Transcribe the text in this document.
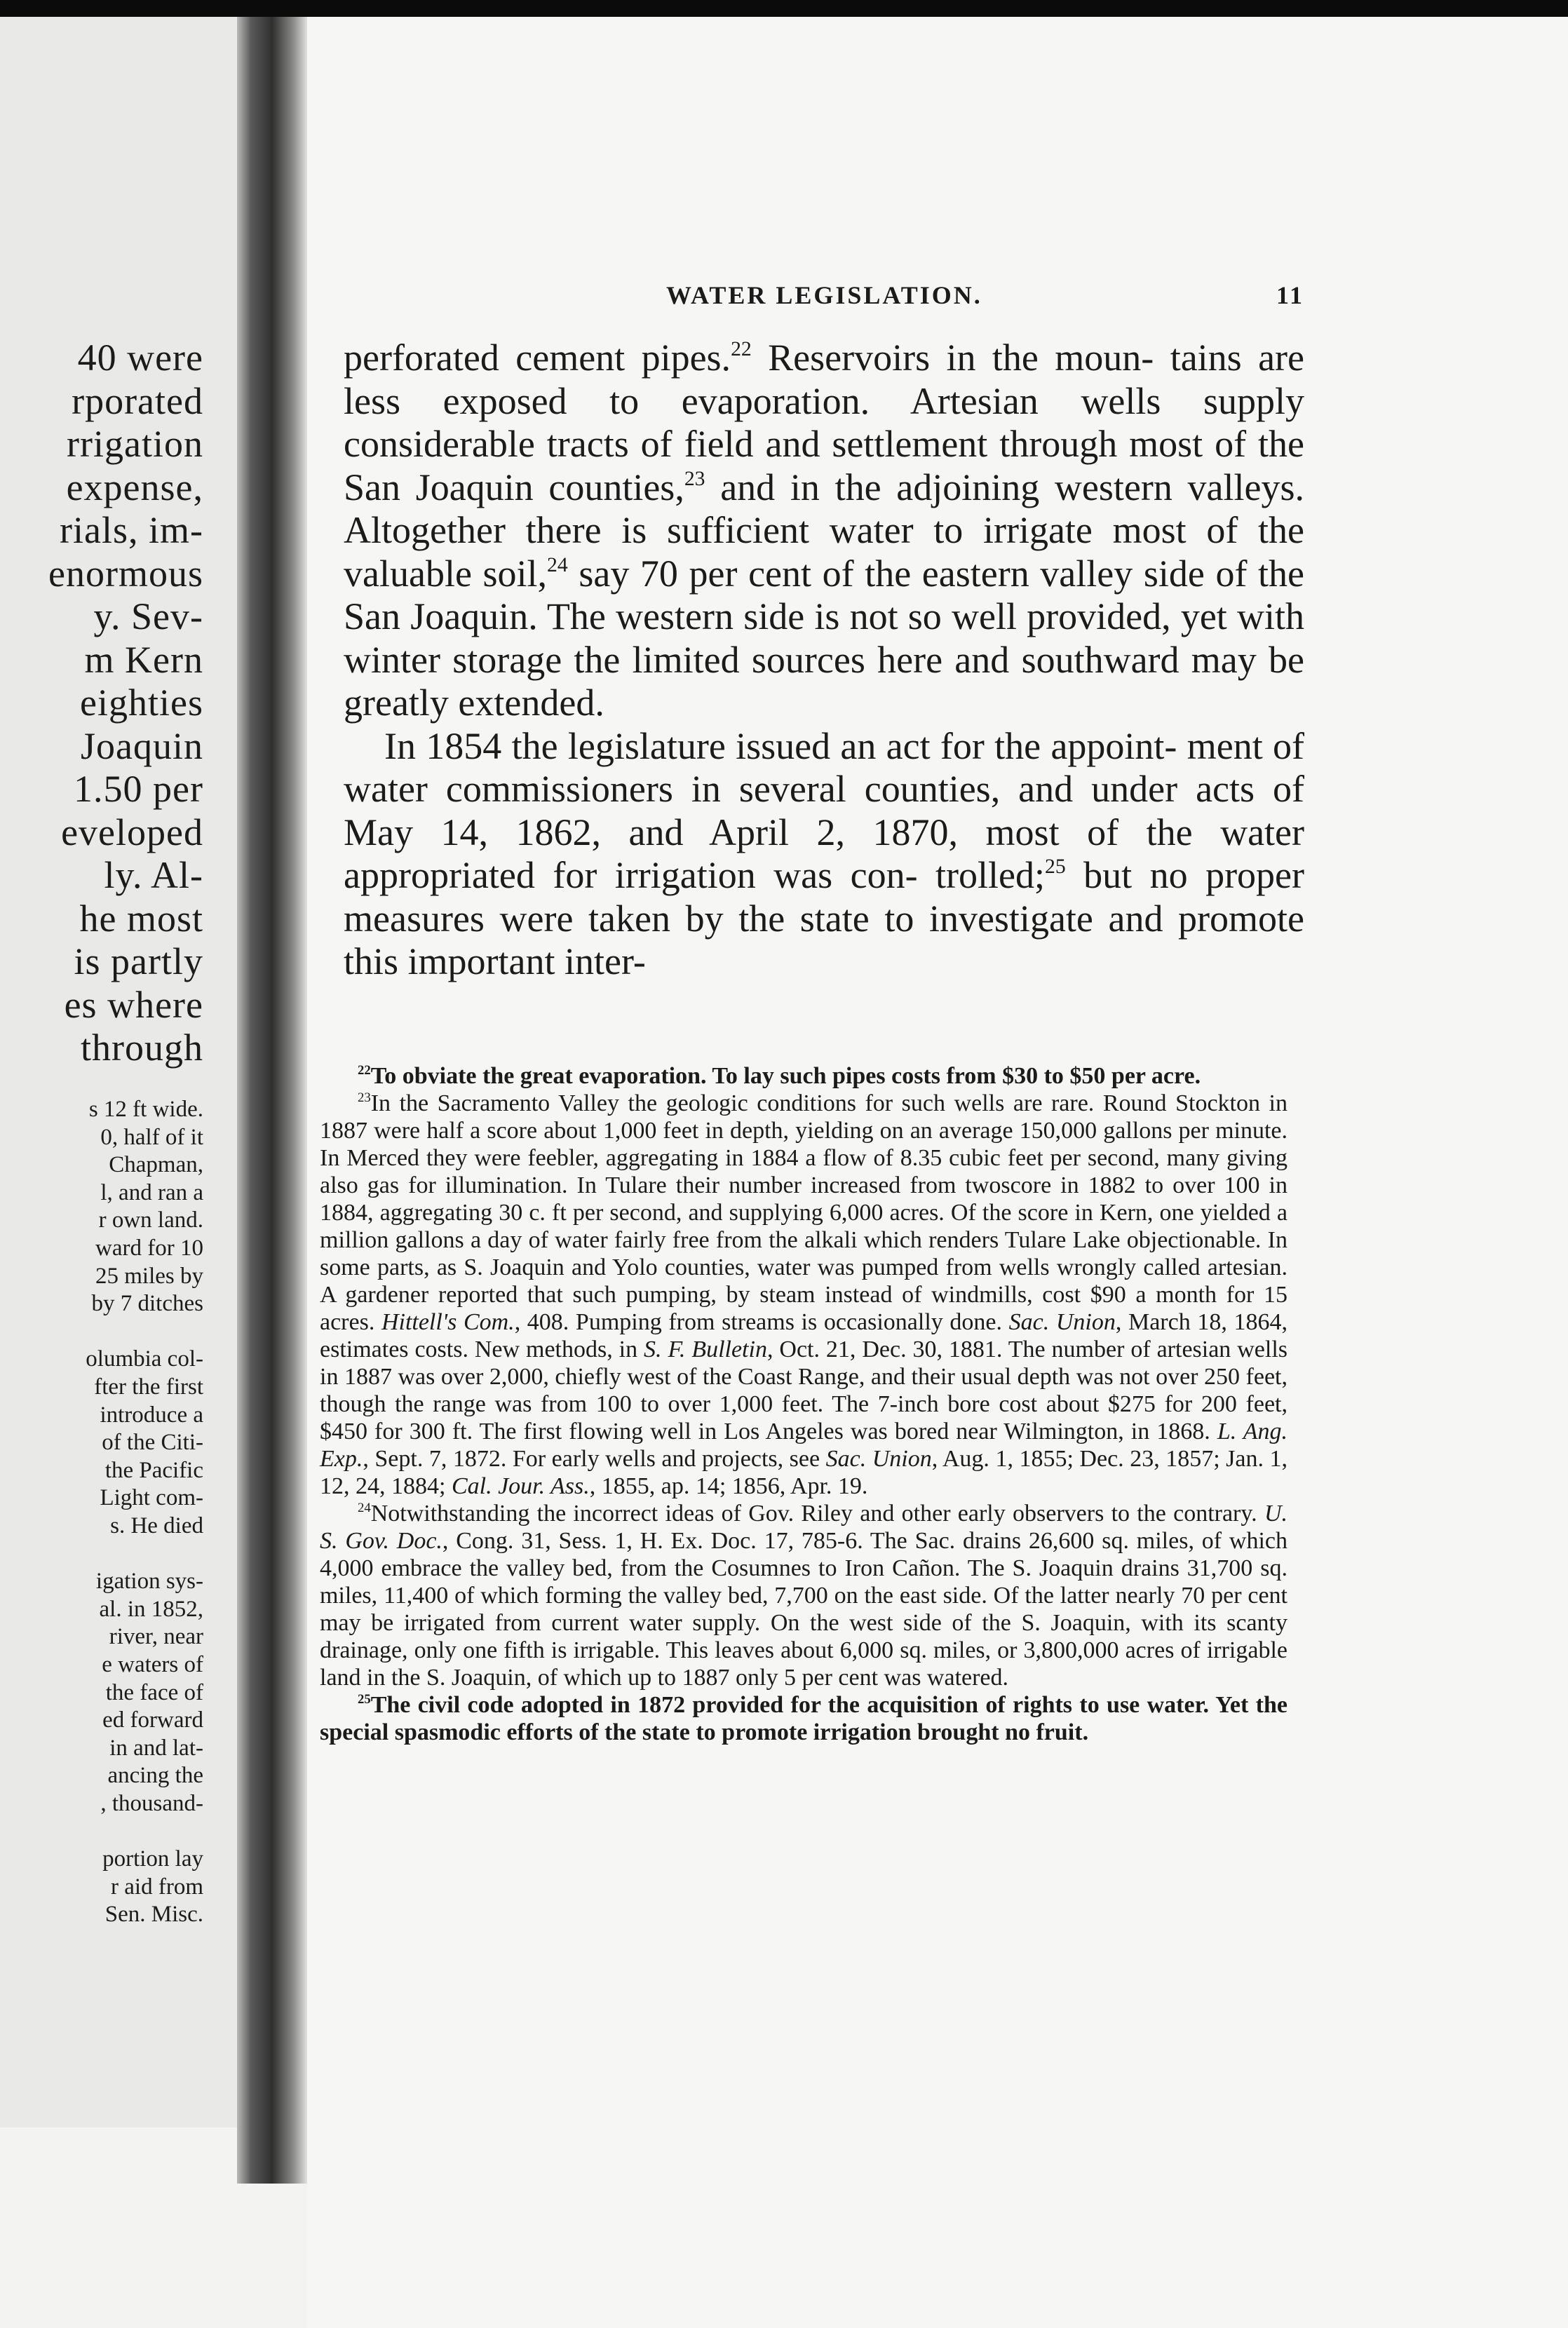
40 were

rporated

rrigation

expense,

rials, im-

enormous

y. Sev-

m Kern

eighties

Joaquin

1.50 per

eveloped

ly. Al-

he most

is partly

es where

through

s 12 ft wide.

0, half of it

Chapman,

l, and ran a

r own land.

ward for 10

25 miles by

by 7 ditches

olumbia col-

fter the first

introduce a

of the Citi-

the Pacific

Light com-

s. He died

igation sys-

al. in 1852,

river, near

e waters of

the face of

ed forward

in and lat-

ancing the

, thousand-

portion lay

r aid from

Sen. Misc.

WATER LEGISLATION.	11

perforated cement pipes.$^{22}$ Reservoirs in the moun- tains are less exposed to evaporation. Artesian wells supply considerable tracts of field and settlement through most of the San Joaquin counties,$^{23}$ and in the adjoining western valleys. Altogether there is sufficient water to irrigate most of the valuable soil,$^{24}$ say 70 per cent of the eastern valley side of the San Joaquin. The western side is not so well provided, yet with winter storage the limited sources here and southward may be greatly extended.

In 1854 the legislature issued an act for the appoint- ment of water commissioners in several counties, and under acts of May 14, 1862, and April 2, 1870, most of the water appropriated for irrigation was con- trolled;$^{25}$ but no proper measures were taken by the state to investigate and promote this important inter-

$^{22}$To obviate the great evaporation. To lay such pipes costs from $30 to $50 per acre.

$^{23}$In the Sacramento Valley the geologic conditions for such wells are rare. Round Stockton in 1887 were half a score about 1,000 feet in depth, yielding on an average 150,000 gallons per minute. In Merced they were feebler, aggregating in 1884 a flow of 8.35 cubic feet per second, many giving also gas for illumination. In Tulare their number increased from twoscore in 1882 to over 100 in 1884, aggregating 30 c. ft per second, and supplying 6,000 acres. Of the score in Kern, one yielded a million gallons a day of water fairly free from the alkali which renders Tulare Lake objectionable. In some parts, as S. Joaquin and Yolo counties, water was pumped from wells wrongly called artesian. A gardener reported that such pumping, by steam instead of windmills, cost $90 a month for 15 acres. Hittell's Com., 408. Pumping from streams is occasionally done. Sac. Union, March 18, 1864, estimates costs. New methods, in S. F. Bulletin, Oct. 21, Dec. 30, 1881. The number of artesian wells in 1887 was over 2,000, chiefly west of the Coast Range, and their usual depth was not over 250 feet, though the range was from 100 to over 1,000 feet. The 7-inch bore cost about $275 for 200 feet, $450 for 300 ft. The first flowing well in Los Angeles was bored near Wilmington, in 1868. L. Ang. Exp., Sept. 7, 1872. For early wells and projects, see Sac. Union, Aug. 1, 1855; Dec. 23, 1857; Jan. 1, 12, 24, 1884; Cal. Jour. Ass., 1855, ap. 14; 1856, Apr. 19.

$^{24}$Notwithstanding the incorrect ideas of Gov. Riley and other early observers to the contrary. U. S. Gov. Doc., Cong. 31, Sess. 1, H. Ex. Doc. 17, 785-6. The Sac. drains 26,600 sq. miles, of which 4,000 embrace the valley bed, from the Cosumnes to Iron Cañon. The S. Joaquin drains 31,700 sq. miles, 11,400 of which forming the valley bed, 7,700 on the east side. Of the latter nearly 70 per cent may be irrigated from current water supply. On the west side of the S. Joaquin, with its scanty drainage, only one fifth is irrigable. This leaves about 6,000 sq. miles, or 3,800,000 acres of irrigable land in the S. Joaquin, of which up to 1887 only 5 per cent was watered.

$^{25}$The civil code adopted in 1872 provided for the acquisition of rights to use water. Yet the special spasmodic efforts of the state to promote irrigation brought no fruit.
